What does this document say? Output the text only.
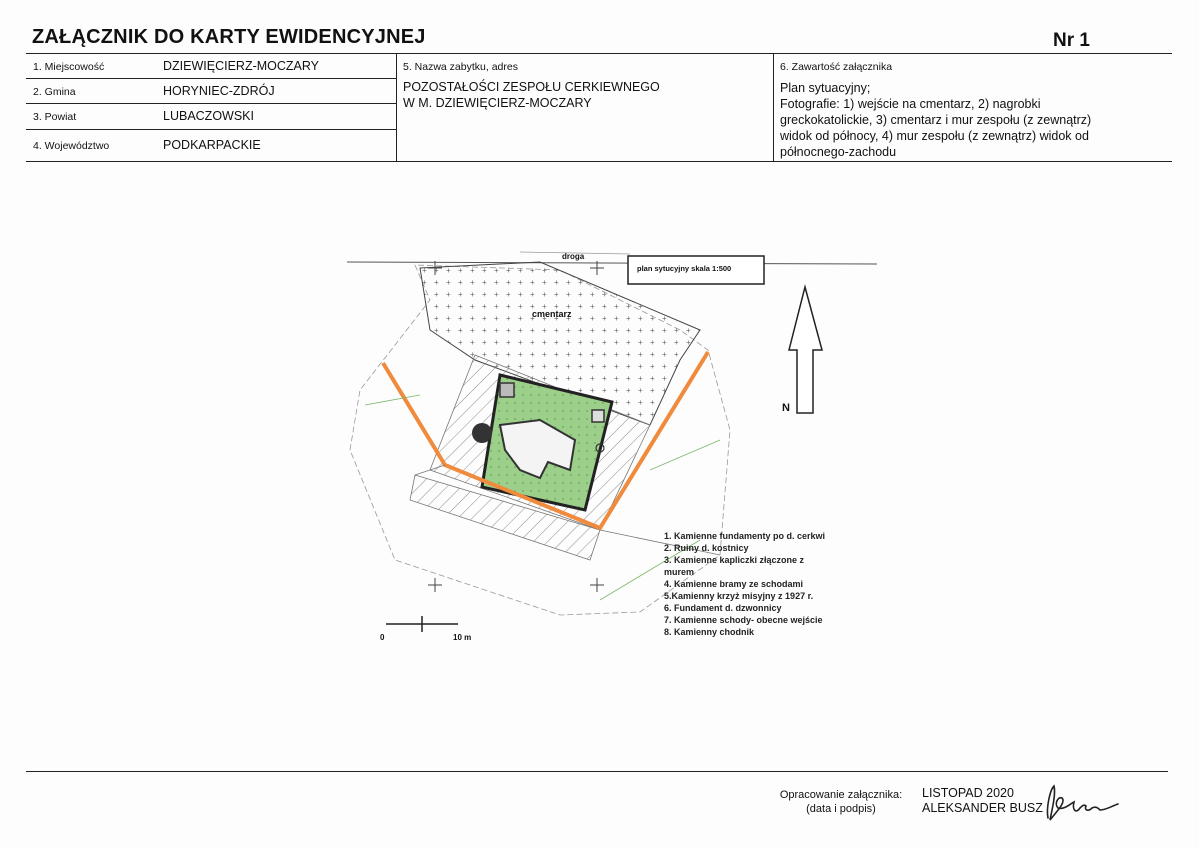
ZAŁĄCZNIK DO KARTY EWIDENCYJNEJ	Nr 1
1. Miejscowość	DZIEWIĘCIERZ-MOCZARY
2. Gmina	HORYNIEC-ZDRÓJ
3. Powiat	LUBACZOWSKI
4. Województwo	PODKARPACKIE
5. Nazwa zabytku, adres
POZOSTAŁOŚCI ZESPOŁU CERKIEWNEGO
W M. DZIEWIĘCIERZ-MOCZARY
6. Zawartość załącznika
Plan sytuacyjny;
Fotografie: 1) wejście na cmentarz, 2) nagrobki
greckokatolickie, 3) cmentarz i mur zespołu (z zewnątrz)
widok od północy, 4) mur zespołu (z zewnątrz) widok od
północnego-zachodu
droga
plan sytucyjny skala 1:500
cmentarz
N
0	10 m
1. Kamienne fundamenty po d. cerkwi
2. Ruiny d. kostnicy
3. Kamienne kapliczki złączone z
murem
4. Kamienne bramy ze schodami
5.Kamienny krzyż misyjny z 1927 r.
6. Fundament d. dzwonnicy
7. Kamienne schody- obecne wejście
8. Kamienny chodnik
Opracowanie załącznika:
(data i podpis)
LISTOPAD 2020
ALEKSANDER BUSZ
